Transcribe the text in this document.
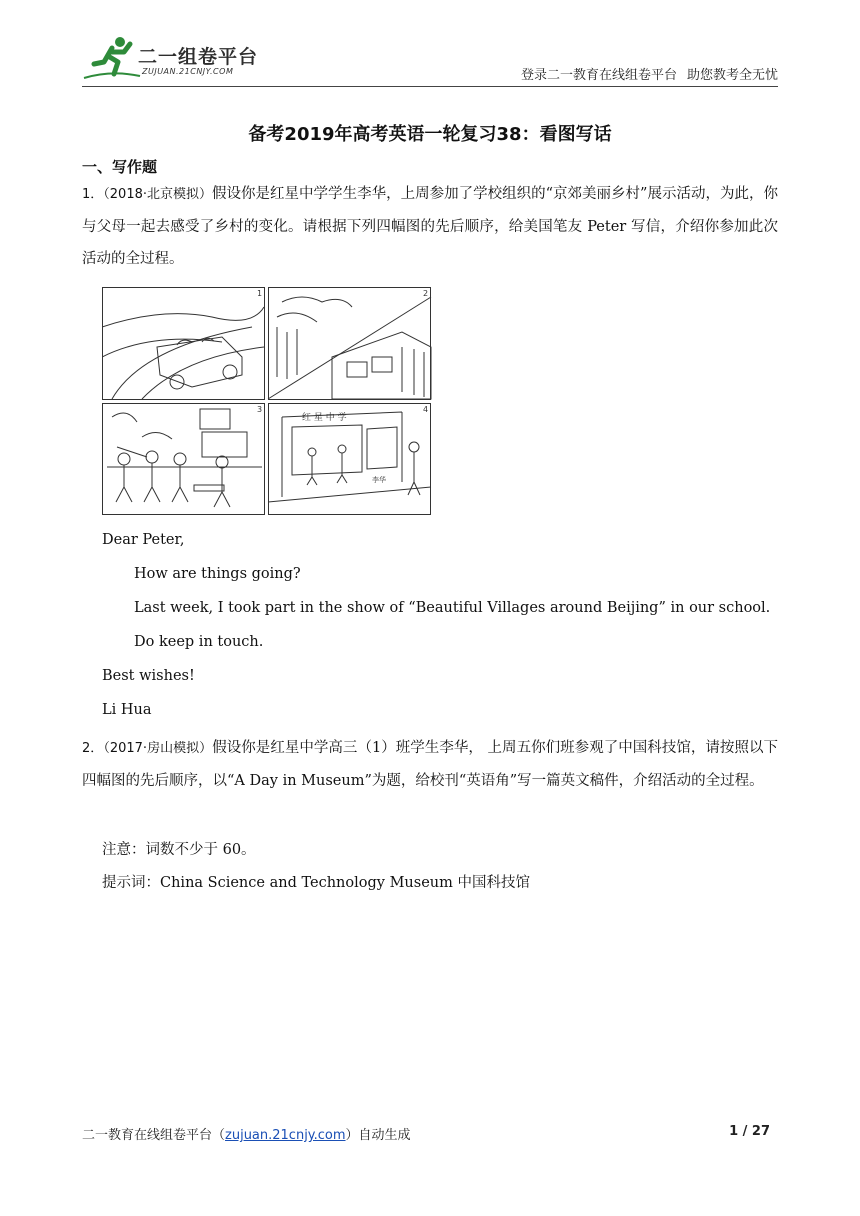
二一组卷平台
ZUJUAN.21CNJY.COM	登录二一教育在线组卷平台 助您教考全无忧
备考2019年高考英语一轮复习38：看图写话
一、写作题
1．（2018·北京模拟）假设你是红星中学学生李华，上周参加了学校组织的“京郊美丽乡村”展示活动，为此，你与父母一起去感受了乡村的变化。请根据下列四幅图的先后顺序，给美国笔友 Peter 写信，介绍你参加此次活动的全过程。
1	2
3	4
红 星 中 学
李华
Dear Peter,
How are things going?
Last week, I took part in the show of “Beautiful Villages around Beijing” in our school.
Do keep in touch.
Best wishes!
Li Hua
2．（2017·房山模拟）假设你是红星中学高三（1）班学生李华， 上周五你们班参观了中国科技馆，请按照以下四幅图的先后顺序，以“A Day in Museum”为题，给校刊“英语角”写一篇英文稿件，介绍活动的全过程。
注意：词数不少于 60。
提示词：China Science and Technology Museum 中国科技馆
二一教育在线组卷平台（zujuan.21cnjy.com）自动生成	1 / 27
